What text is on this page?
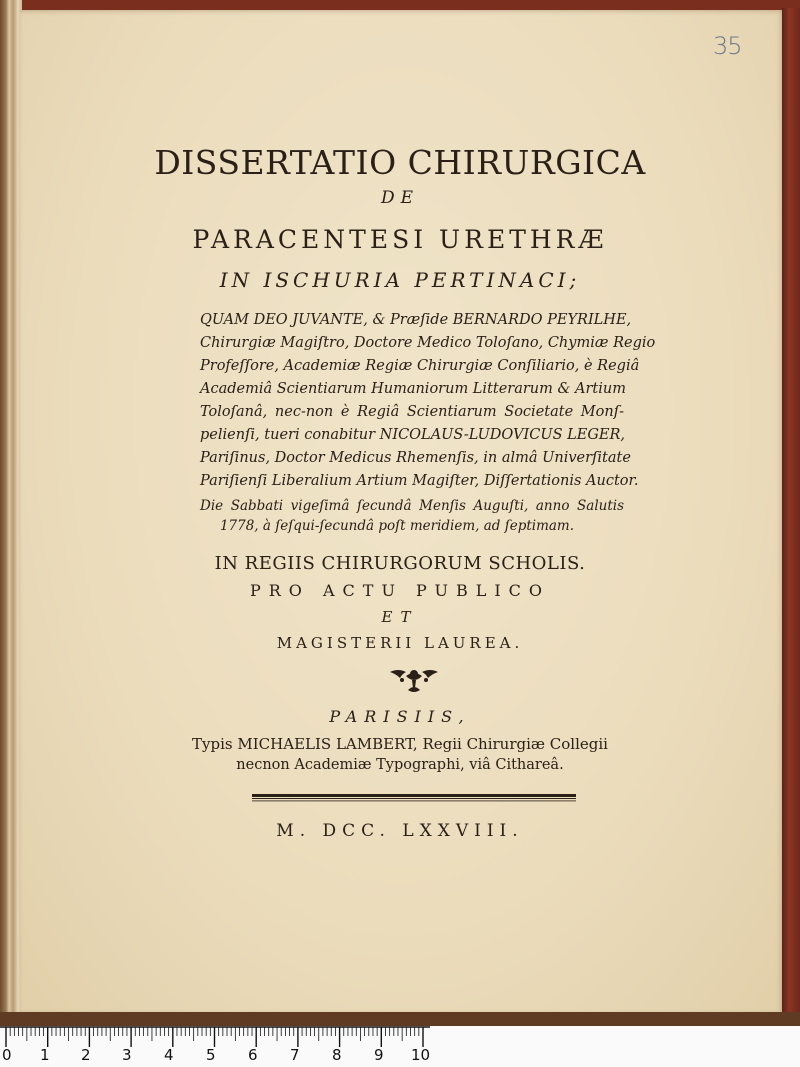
35
DISSERTATIO CHIRURGICA
DE
PARACENTESI URETHRÆ
IN ISCHURIA PERTINACI;
QUAM DEO JUVANTE, & Præſide BERNARDO PEYRILHE,
Chirurgiæ Magiſtro, Doctore Medico Toloſano, Chymiæ Regio
Profeſſore, Academiæ Regiæ Chirurgiæ Conſiliario, è Regiâ
Academiâ Scientiarum Humaniorum Litterarum & Artium
Toloſanâ, nec-non è Regiâ Scientiarum Societate Monſ-
pelienſi, tueri conabitur NICOLAUS-LUDOVICUS LEGER,
Pariſinus, Doctor Medicus Rhemenſis, in almâ Univerſitate
Pariſienſi Liberalium Artium Magiſter, Diſſertationis Auctor.
Die Sabbati vigeſimâ ſecundâ Menſis Auguſti, anno Salutis
1778, à ſeſqui-ſecundâ poſt meridiem, ad ſeptimam.
IN REGIIS CHIRURGORUM SCHOLIS.
PRO ACTU PUBLICO
ET
MAGISTERII LAUREA.
PARISIIS,
Typis MICHAELIS LAMBERT, Regii Chirurgiæ Collegii
necnon Academiæ Typographi, viâ Cithareâ.
M. DCC. LXXVIII.
0 1 2 3 4 5 6 7 8 9 10
